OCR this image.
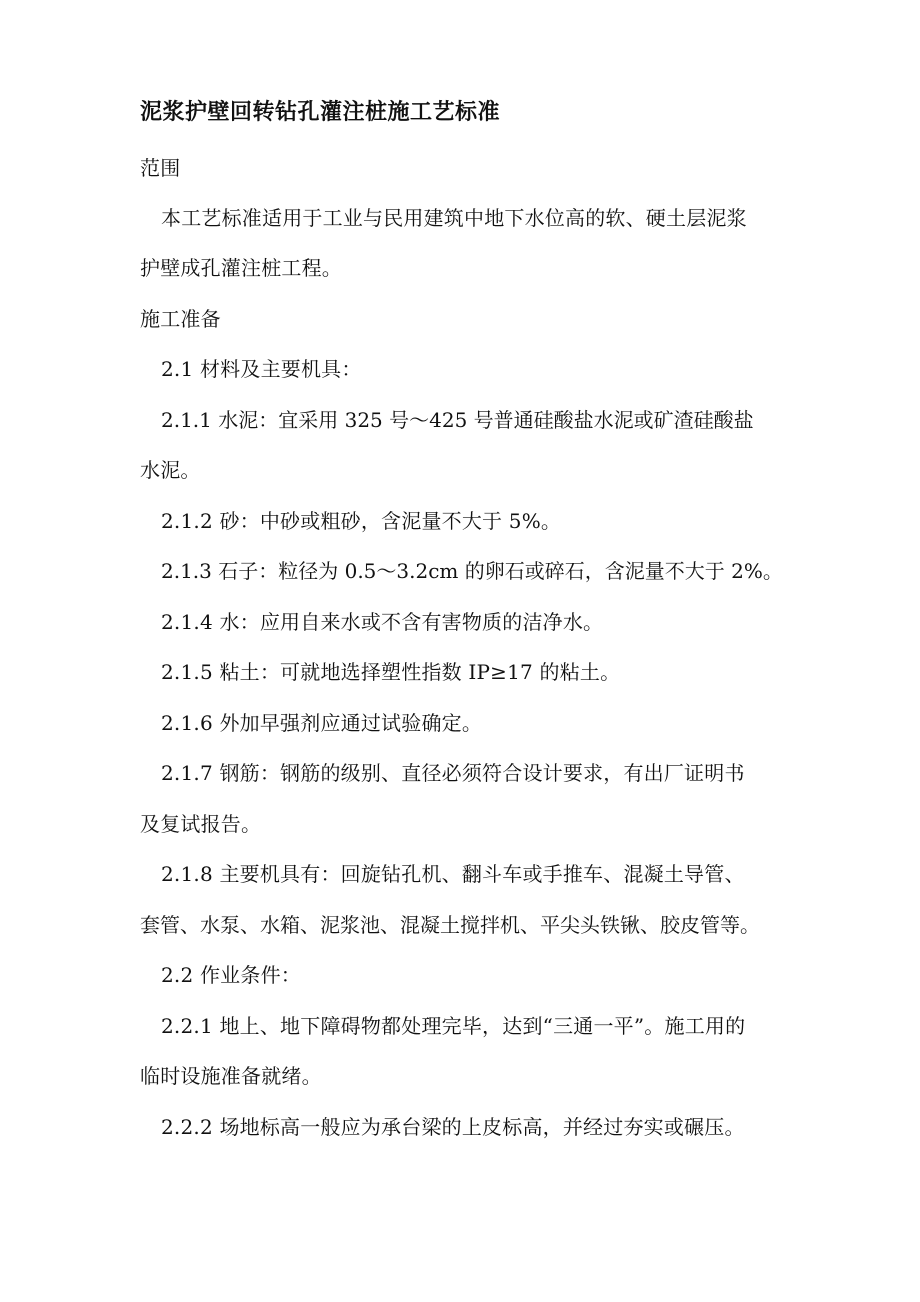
泥浆护壁回转钻孔灌注桩施工艺标准
范围
本工艺标准适用于工业与民用建筑中地下水位高的软、硬土层泥浆
护壁成孔灌注桩工程。
施工准备
2.1 材料及主要机具：
2.1.1 水泥：宜采用 325 号～425 号普通硅酸盐水泥或矿渣硅酸盐
水泥。
2.1.2 砂：中砂或粗砂，含泥量不大于 5%。
2.1.3 石子：粒径为 0.5～3.2cm 的卵石或碎石，含泥量不大于 2%。
2.1.4 水：应用自来水或不含有害物质的洁净水。
2.1.5 粘土：可就地选择塑性指数 IP≥17 的粘土。
2.1.6 外加早强剂应通过试验确定。
2.1.7 钢筋：钢筋的级别、直径必须符合设计要求，有出厂证明书
及复试报告。
2.1.8 主要机具有：回旋钻孔机、翻斗车或手推车、混凝土导管、
套管、水泵、水箱、泥浆池、混凝土搅拌机、平尖头铁锹、胶皮管等。
2.2 作业条件：
2.2.1 地上、地下障碍物都处理完毕，达到“三通一平”。施工用的
临时设施准备就绪。
2.2.2 场地标高一般应为承台梁的上皮标高，并经过夯实或碾压。
